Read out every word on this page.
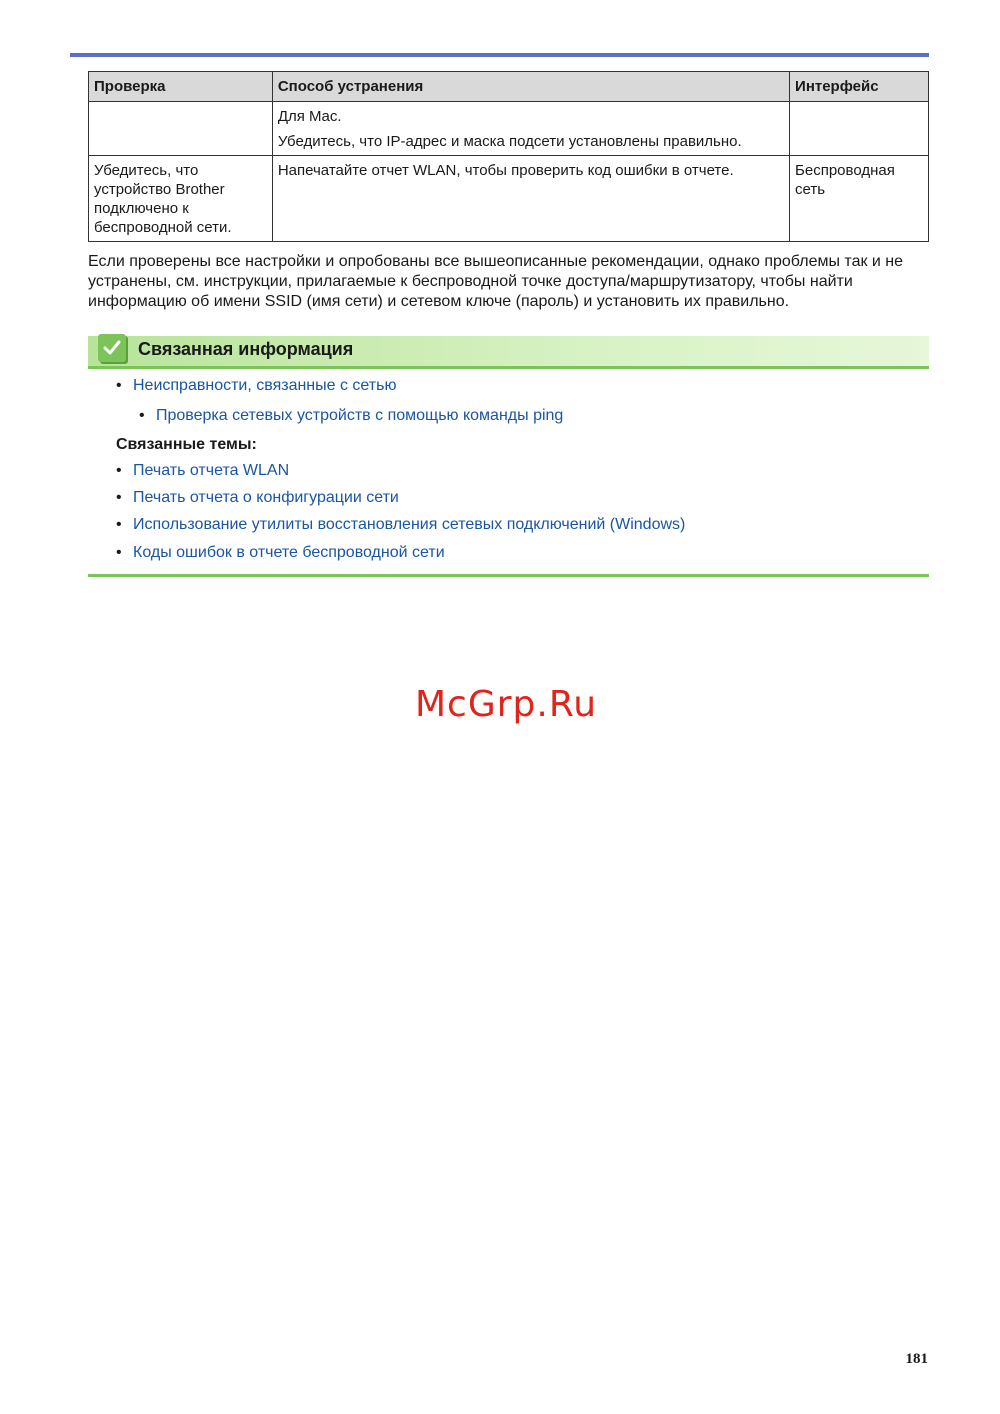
Проверка	Способ устранения	Интерфейс

	Для Mac.
Убедитесь, что IP-адрес и маска подсети установлены правильно.	

Убедитесь, что устройство Brother подключено к беспроводной сети.	Напечатайте отчет WLAN, чтобы проверить код ошибки в отчете.	Беспроводная сеть
Если проверены все настройки и опробованы все вышеописанные рекомендации, однако проблемы так и не устранены, см. инструкции, прилагаемые к беспроводной точке доступа/маршрутизатору, чтобы найти информацию об имени SSID (имя сети) и сетевом ключе (пароль) и установить их правильно.
Связанная информация
• Неисправности, связанные с сетью
• Проверка сетевых устройств с помощью команды ping
Связанные темы:
• Печать отчета WLAN
• Печать отчета о конфигурации сети
• Использование утилиты восстановления сетевых подключений (Windows)
• Коды ошибок в отчете беспроводной сети
McGrp.Ru
181
